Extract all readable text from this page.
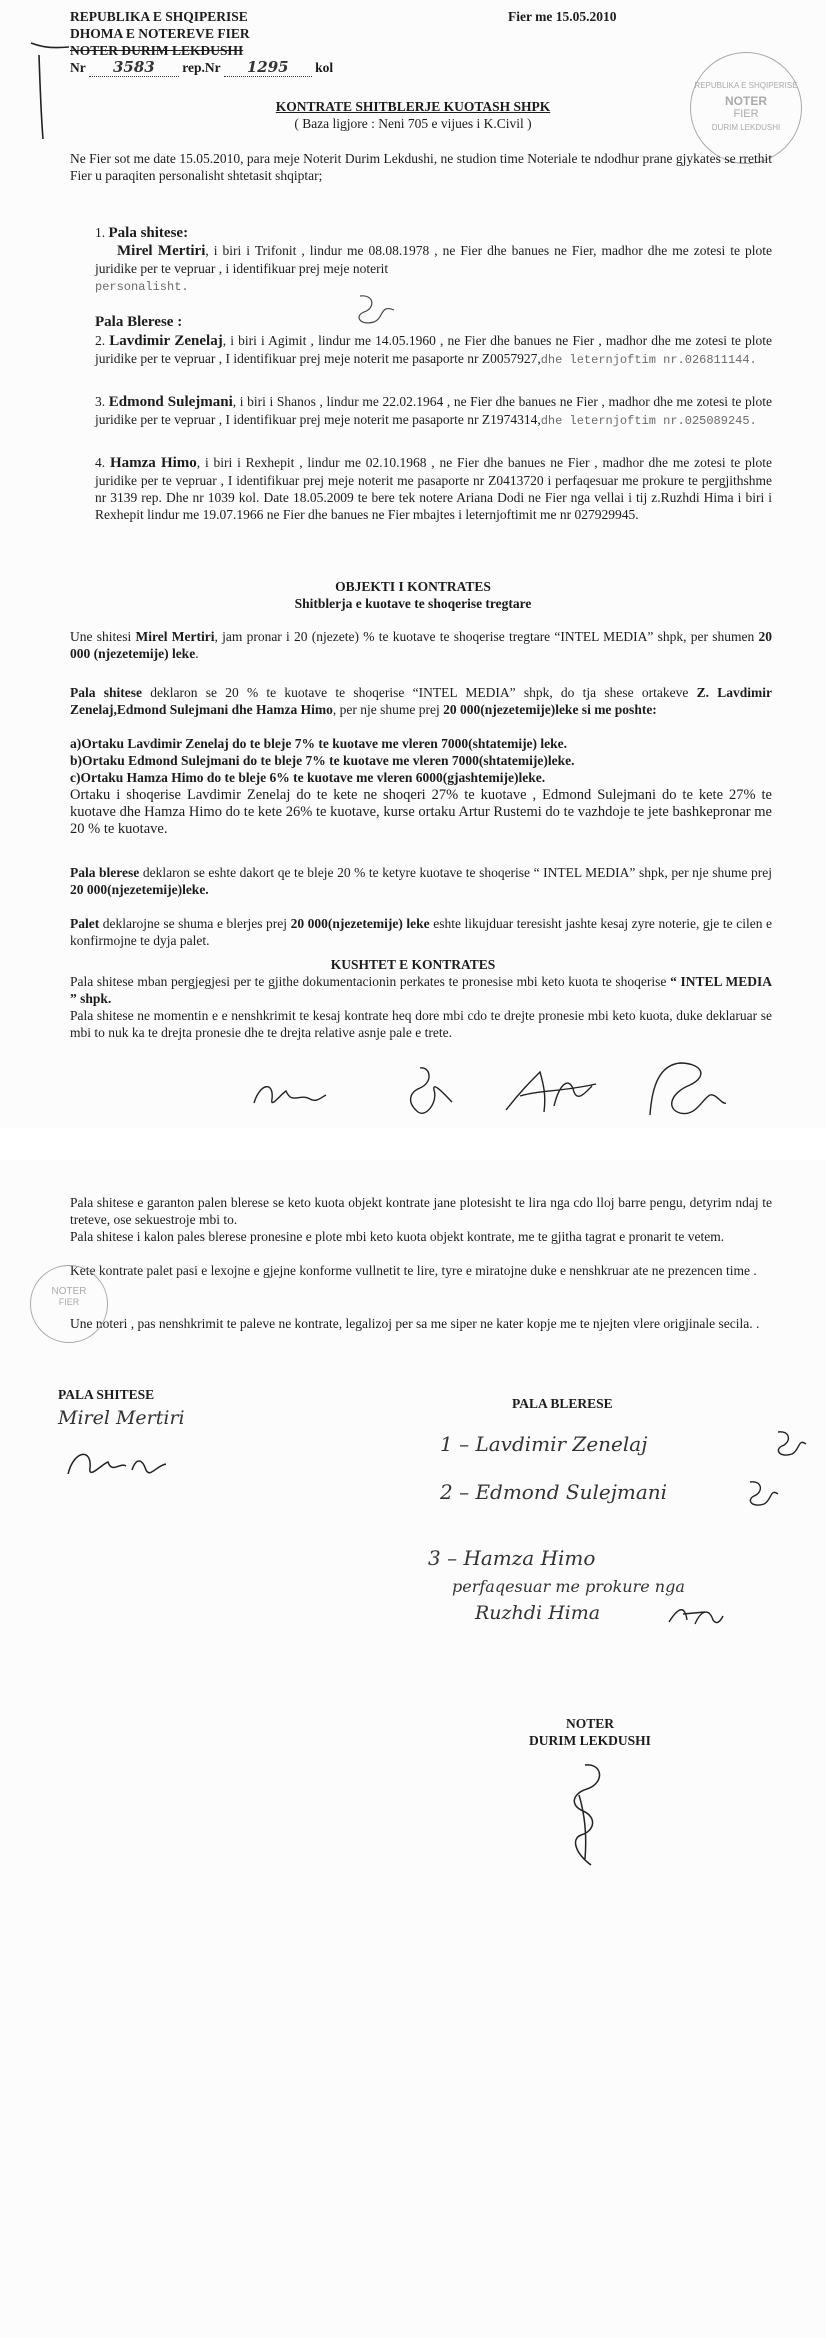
REPUBLIKA E SHQIPERISE
DHOMA E NOTEREVE FIER
NOTER DURIM LEKDUSHI
Nr 3583 rep.Nr 1295 kol
Fier me 15.05.2010
REPUBLIKA E SHQIPERISE
NOTER
FIER
DURIM LEKDUSHI
KONTRATE SHITBLERJE KUOTASH SHPK
( Baza ligjore : Neni 705 e vijues i K.Civil )
Ne Fier sot me date 15.05.2010, para meje Noterit Durim Lekdushi, ne studion time Noteriale te ndodhur prane gjykates se rrethit Fier u paraqiten personalisht shtetasit shqiptar;
1. Pala shitese:
Mirel Mertiri, i biri i Trifonit , lindur me 08.08.1978 , ne Fier dhe banues ne Fier, madhor dhe me zotesi te plote juridike per te vepruar , i identifikuar prej meje noterit
personalisht.
Pala Blerese :
2. Lavdimir Zenelaj, i biri i Agimit , lindur me 14.05.1960 , ne Fier dhe banues ne Fier , madhor dhe me zotesi te plote juridike per te vepruar , I identifikuar prej meje noterit me pasaporte nr Z0057927,dhe leternjoftim nr.026811144.
3. Edmond Sulejmani, i biri i Shanos , lindur me 22.02.1964 , ne Fier dhe banues ne Fier , madhor dhe me zotesi te plote juridike per te vepruar , I identifikuar prej meje noterit me pasaporte nr Z1974314,dhe leternjoftim nr.025089245.
4. Hamza Himo, i biri i Rexhepit , lindur me 02.10.1968 , ne Fier dhe banues ne Fier , madhor dhe me zotesi te plote juridike per te vepruar , I identifikuar prej meje noterit me pasaporte nr Z0413720 i perfaqesuar me prokure te pergjithshme nr 3139 rep. Dhe nr 1039 kol. Date 18.05.2009 te bere tek notere Ariana Dodi ne Fier nga vellai i tij z.Ruzhdi Hima i biri i Rexhepit lindur me 19.07.1966 ne Fier dhe banues ne Fier mbajtes i leternjoftimit me nr 027929945.
OBJEKTI I KONTRATES
Shitblerja e kuotave te shoqerise tregtare
Une shitesi Mirel Mertiri, jam pronar i 20 (njezete) % te kuotave te shoqerise tregtare “INTEL MEDIA” shpk, per shumen 20 000 (njezetemije) leke.
Pala shitese deklaron se 20 % te kuotave te shoqerise “INTEL MEDIA” shpk, do tja shese ortakeve Z. Lavdimir Zenelaj,Edmond Sulejmani dhe Hamza Himo, per nje shume prej 20 000(njezetemije)leke si me poshte:
a)Ortaku Lavdimir Zenelaj do te bleje 7% te kuotave me vleren 7000(shtatemije) leke.
b)Ortaku Edmond Sulejmani do te bleje 7% te kuotave me vleren 7000(shtatemije)leke.
c)Ortaku Hamza Himo do te bleje 6% te kuotave me vleren 6000(gjashtemije)leke.
Ortaku i shoqerise Lavdimir Zenelaj do te kete ne shoqeri 27% te kuotave , Edmond Sulejmani do te kete 27% te kuotave dhe Hamza Himo do te kete 26% te kuotave, kurse ortaku Artur Rustemi do te vazhdoje te jete bashkepronar me 20 % te kuotave.
Pala blerese deklaron se eshte dakort qe te bleje 20 % te ketyre kuotave te shoqerise “ INTEL MEDIA” shpk, per nje shume prej 20 000(njezetemije)leke.
Palet deklarojne se shuma e blerjes prej 20 000(njezetemije) leke eshte likujduar teresisht jashte kesaj zyre noterie, gje te cilen e konfirmojne te dyja palet.
KUSHTET E KONTRATES
Pala shitese mban pergjegjesi per te gjithe dokumentacionin perkates te pronesise mbi keto kuota te shoqerise “ INTEL MEDIA ” shpk.
Pala shitese ne momentin e e nenshkrimit te kesaj kontrate heq dore mbi cdo te drejte pronesie mbi keto kuota, duke deklaruar se mbi to nuk ka te drejta pronesie dhe te drejta relative asnje pale e trete.
Pala shitese e garanton palen blerese se keto kuota objekt kontrate jane plotesisht te lira nga cdo lloj barre pengu, detyrim ndaj te treteve, ose sekuestroje mbi to.
Pala shitese i kalon pales blerese pronesine e plote mbi keto kuota objekt kontrate, me te gjitha tagrat e pronarit te vetem.
Kete kontrate palet pasi e lexojne e gjejne konforme vullnetit te lire, tyre e miratojne duke e nenshkruar ate ne prezencen time .
Une noteri , pas nenshkrimit te paleve ne kontrate, legalizoj per sa me siper ne kater kopje me te njejten vlere origjinale secila. .
NOTER
FIER
PALA SHITESE
Mirel Mertiri
PALA BLERESE
1 – Lavdimir Zenelaj
2 – Edmond Sulejmani
3 – Hamza Himo
perfaqesuar me prokure nga
Ruzhdi Hima
NOTER
DURIM LEKDUSHI
